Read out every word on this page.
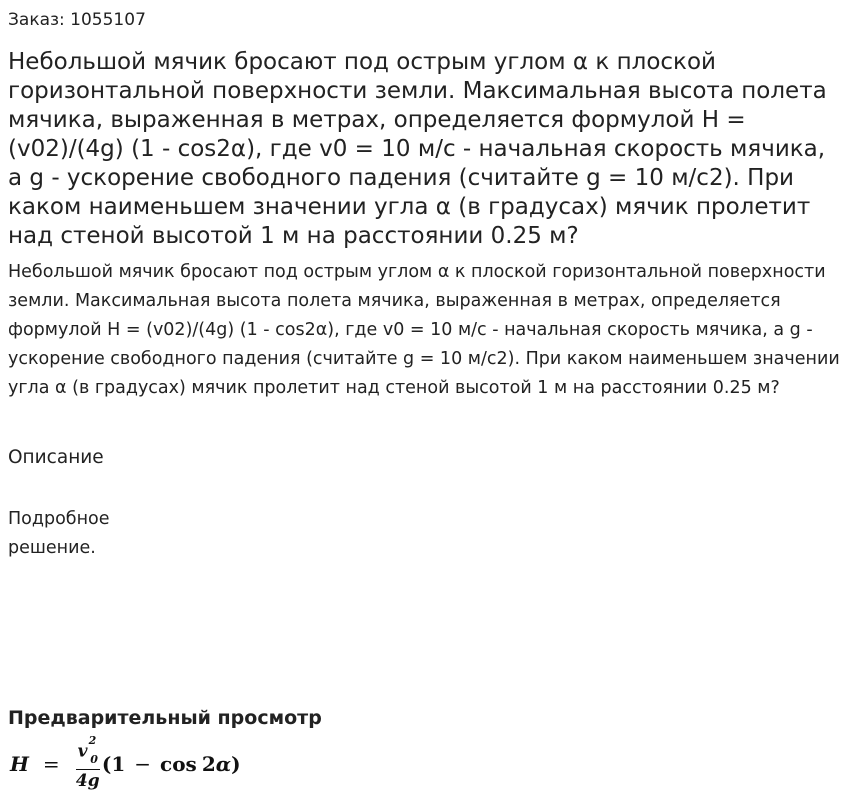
Заказ: 1055107
Небольшой мячик бросают под острым углом α к плоской горизонтальной поверхности земли. Максимальная высота полета мячика, выраженная в метрах, определяется формулой H = (v02)/(4g) (1 - cos2α), где v0 = 10 м/с - начальная скорость мячика, а g - ускорение свободного падения (считайте g = 10 м/с2). При каком наименьшем значении угла α (в градусах) мячик пролетит над стеной высотой 1 м на расстоянии 0.25 м?

Небольшой мячик бросают под острым углом α к плоской горизонтальной поверхности земли. Максимальная высота полета мячика, выраженная в метрах, определяется формулой H = (v02)/(4g) (1 - cos2α), где v0 = 10 м/с - начальная скорость мячика, а g - ускорение свободного падения (считайте g = 10 м/с2). При каком наименьшем значении угла α (в градусах) мячик пролетит над стеной высотой 1 м на расстоянии 0.25 м?

Описание
Подробное решение.
Предварительный просмотр
$H = \frac{v^2_0}{4g}$ ( 1 − cos 2α )
